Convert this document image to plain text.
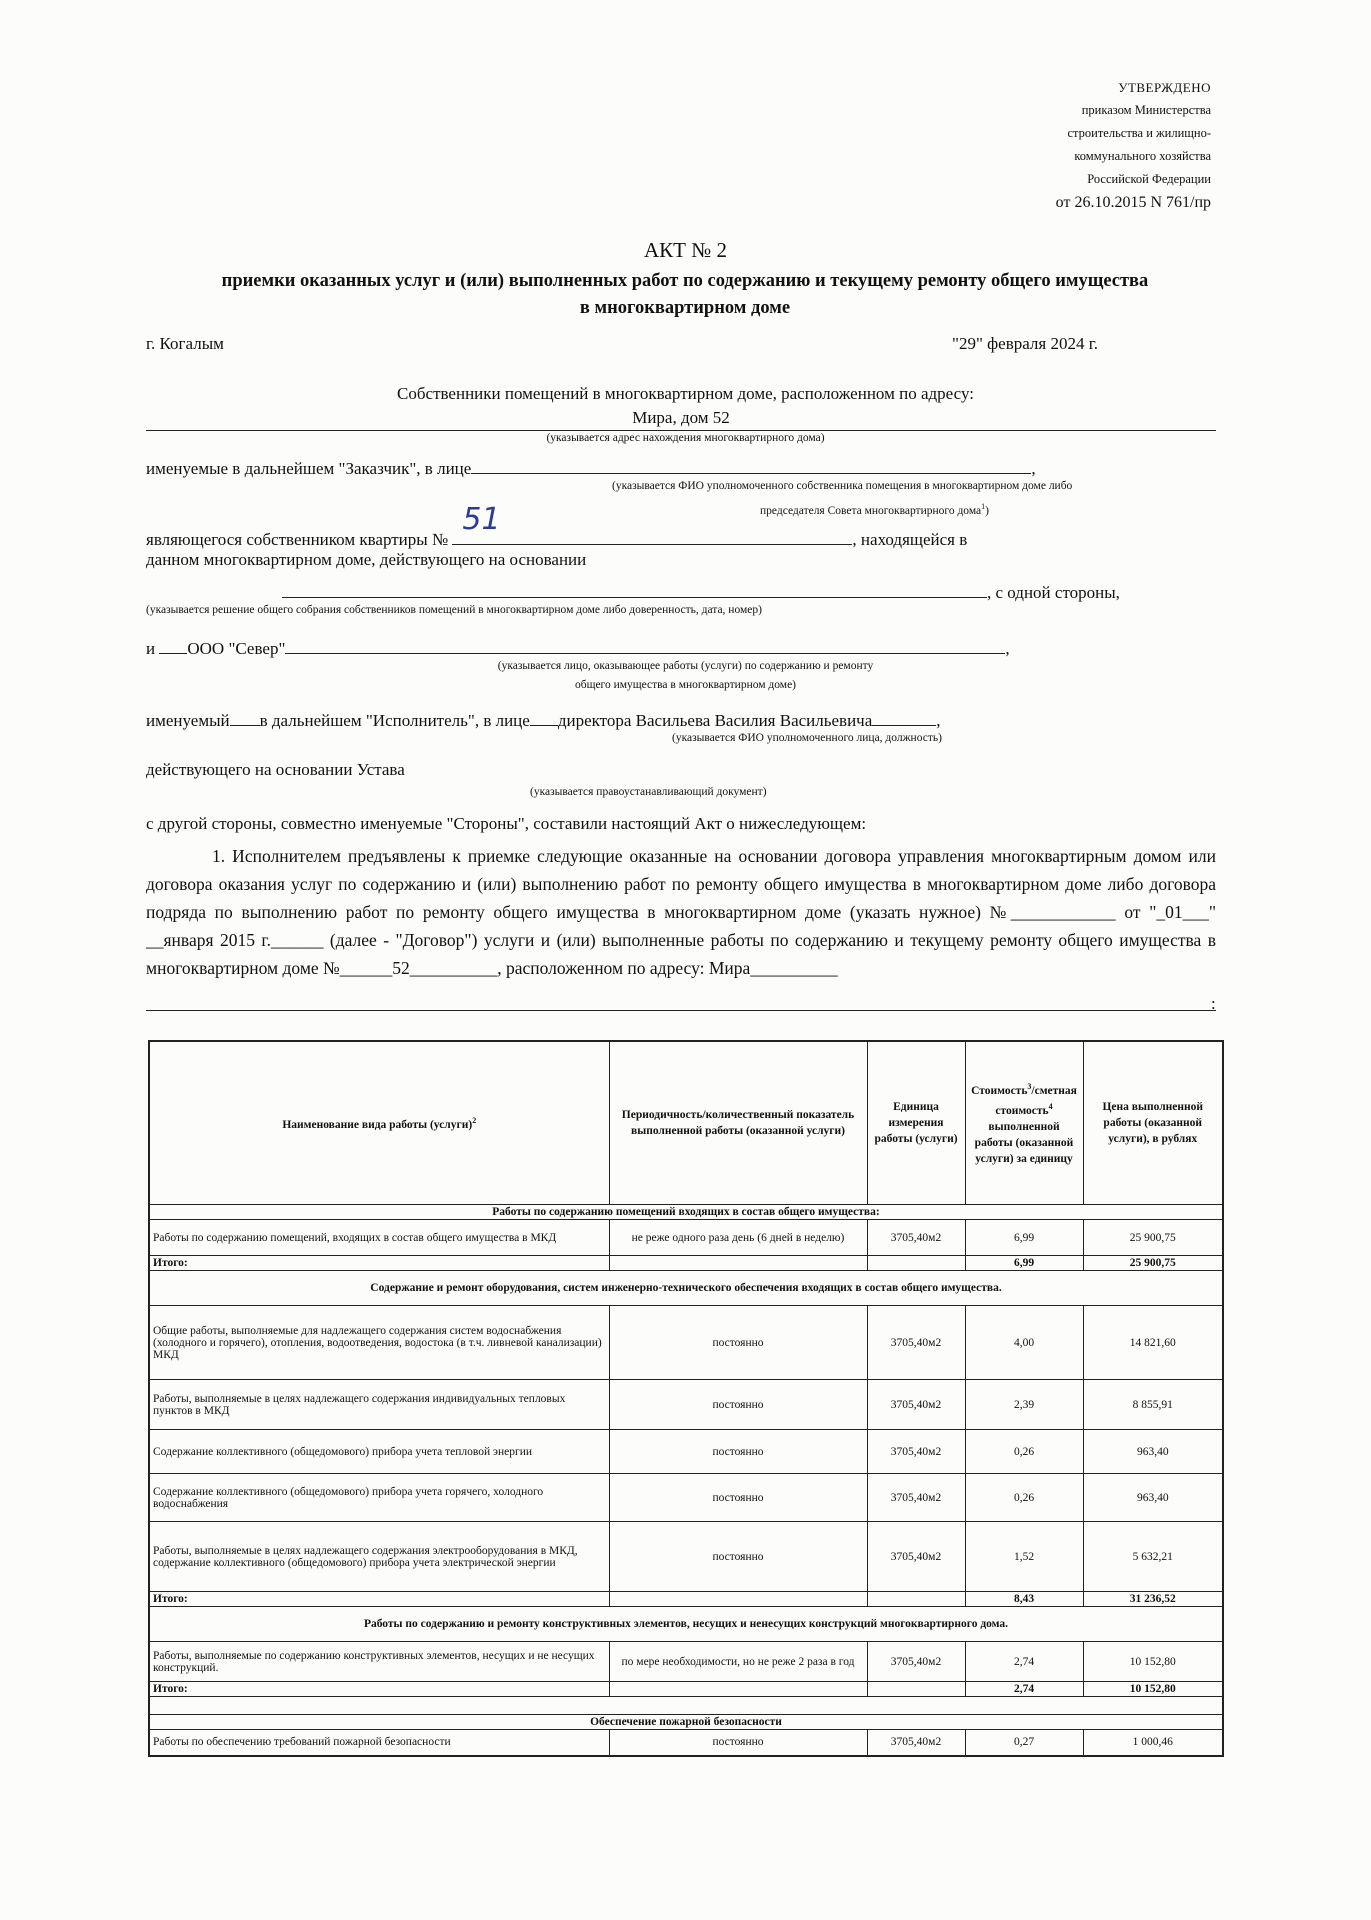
УТВЕРЖДЕНО
приказом Министерства
строительства и жилищно-
коммунального хозяйства
Российской Федерации
от 26.10.2015 N 761/пр
АКТ № 2
приемки оказанных услуг и (или) выполненных работ по содержанию и текущему ремонту общего имущества
в многоквартирном доме
г. Когалым	"29" февраля 2024 г.
Собственники помещений в многоквартирном доме, расположенном по адресу:
Мира, дом 52
(указывается адрес нахождения многоквартирного дома)
именуемые в дальнейшем "Заказчик", в лице	,
(указывается ФИО уполномоченного собственника помещения в многоквартирном доме либо
председателя Совета многоквартирного дома$^1$)
являющегося собственником квартиры №
51
, находящейся в
данном многоквартирном доме, действующего на основании
, с одной стороны,
(указывается решение общего собрания собственников помещений в многоквартирном доме либо доверенность, дата, номер)
и ООО "Север"	,
(указывается лицо, оказывающее работы (услуги) по содержанию и ремонту
общего имущества в многоквартирном доме)
именуемый в дальнейшем "Исполнитель", в лице директора Васильева Василия Васильевича	,
(указывается ФИО уполномоченного лица, должность)
действующего на основании Устава
(указывается правоустанавливающий документ)
с другой стороны, совместно именуемые "Стороны", составили настоящий Акт о нижеследующем:

1. Исполнителем предъявлены к приемке следующие оказанные на основании договора управления многоквартирным домом или договора оказания услуг по содержанию и (или) выполнению работ по ремонту общего имущества в многоквартирном доме либо договора подряда по выполнению работ по ремонту общего имущества в многоквартирном доме (указать нужное) №____________ от "_01___" __января 2015 г.______ (далее - "Договор") услуги и (или) выполненные работы по содержанию и текущему ремонту общего имущества в многоквартирном доме №______52__________, расположенном по адресу: Мира__________

:
Наименование вида работы (услуги)$^2$	Периодичность/количественный показатель выполненной работы (оказанной услуги)	Единица измерения работы (услуги)	Стоимость$^3$/сметная стоимость$^4$ выполненной работы (оказанной услуги) за единицу	Цена выполненной работы (оказанной услуги), в рублях
Работы по содержанию помещений входящих в состав общего имущества:				
Работы по содержанию помещений, входящих в состав общего имущества в МКД	не реже одного раза день (6 дней в неделю)	3705,40м2	6,99	25 900,75
Итого:			6,99	25 900,75
Содержание и ремонт оборудования, систем инженерно-технического обеспечения входящих в состав общего имущества.				
Общие работы, выполняемые для надлежащего содержания систем водоснабжения (холодного и горячего), отопления, водоотведения, водостока (в т.ч. ливневой канализации) МКД	постоянно	3705,40м2	4,00	14 821,60
Работы, выполняемые в целях надлежащего содержания индивидуальных тепловых пунктов в МКД	постоянно	3705,40м2	2,39	8 855,91
Содержание коллективного (общедомового) прибора учета тепловой энергии	постоянно	3705,40м2	0,26	963,40
Содержание коллективного (общедомового) прибора учета горячего, холодного водоснабжения	постоянно	3705,40м2	0,26	963,40
Работы, выполняемые в целях надлежащего содержания электрооборудования в МКД, содержание коллективного (общедомового) прибора учета электрической энергии	постоянно	3705,40м2	1,52	5 632,21
Итого:			8,43	31 236,52
Работы по содержанию и ремонту конструктивных элементов, несущих и ненесущих конструкций многоквартирного дома.				
Работы, выполняемые по содержанию конструктивных элементов, несущих и не несущих конструкций.	по мере необходимости, но не реже 2 раза в год	3705,40м2	2,74	10 152,80
Итого:			2,74	10 152,80

Обеспечение пожарной безопасности				
Работы по обеспечению требований пожарной безопасности	постоянно	3705,40м2	0,27	1 000,46
